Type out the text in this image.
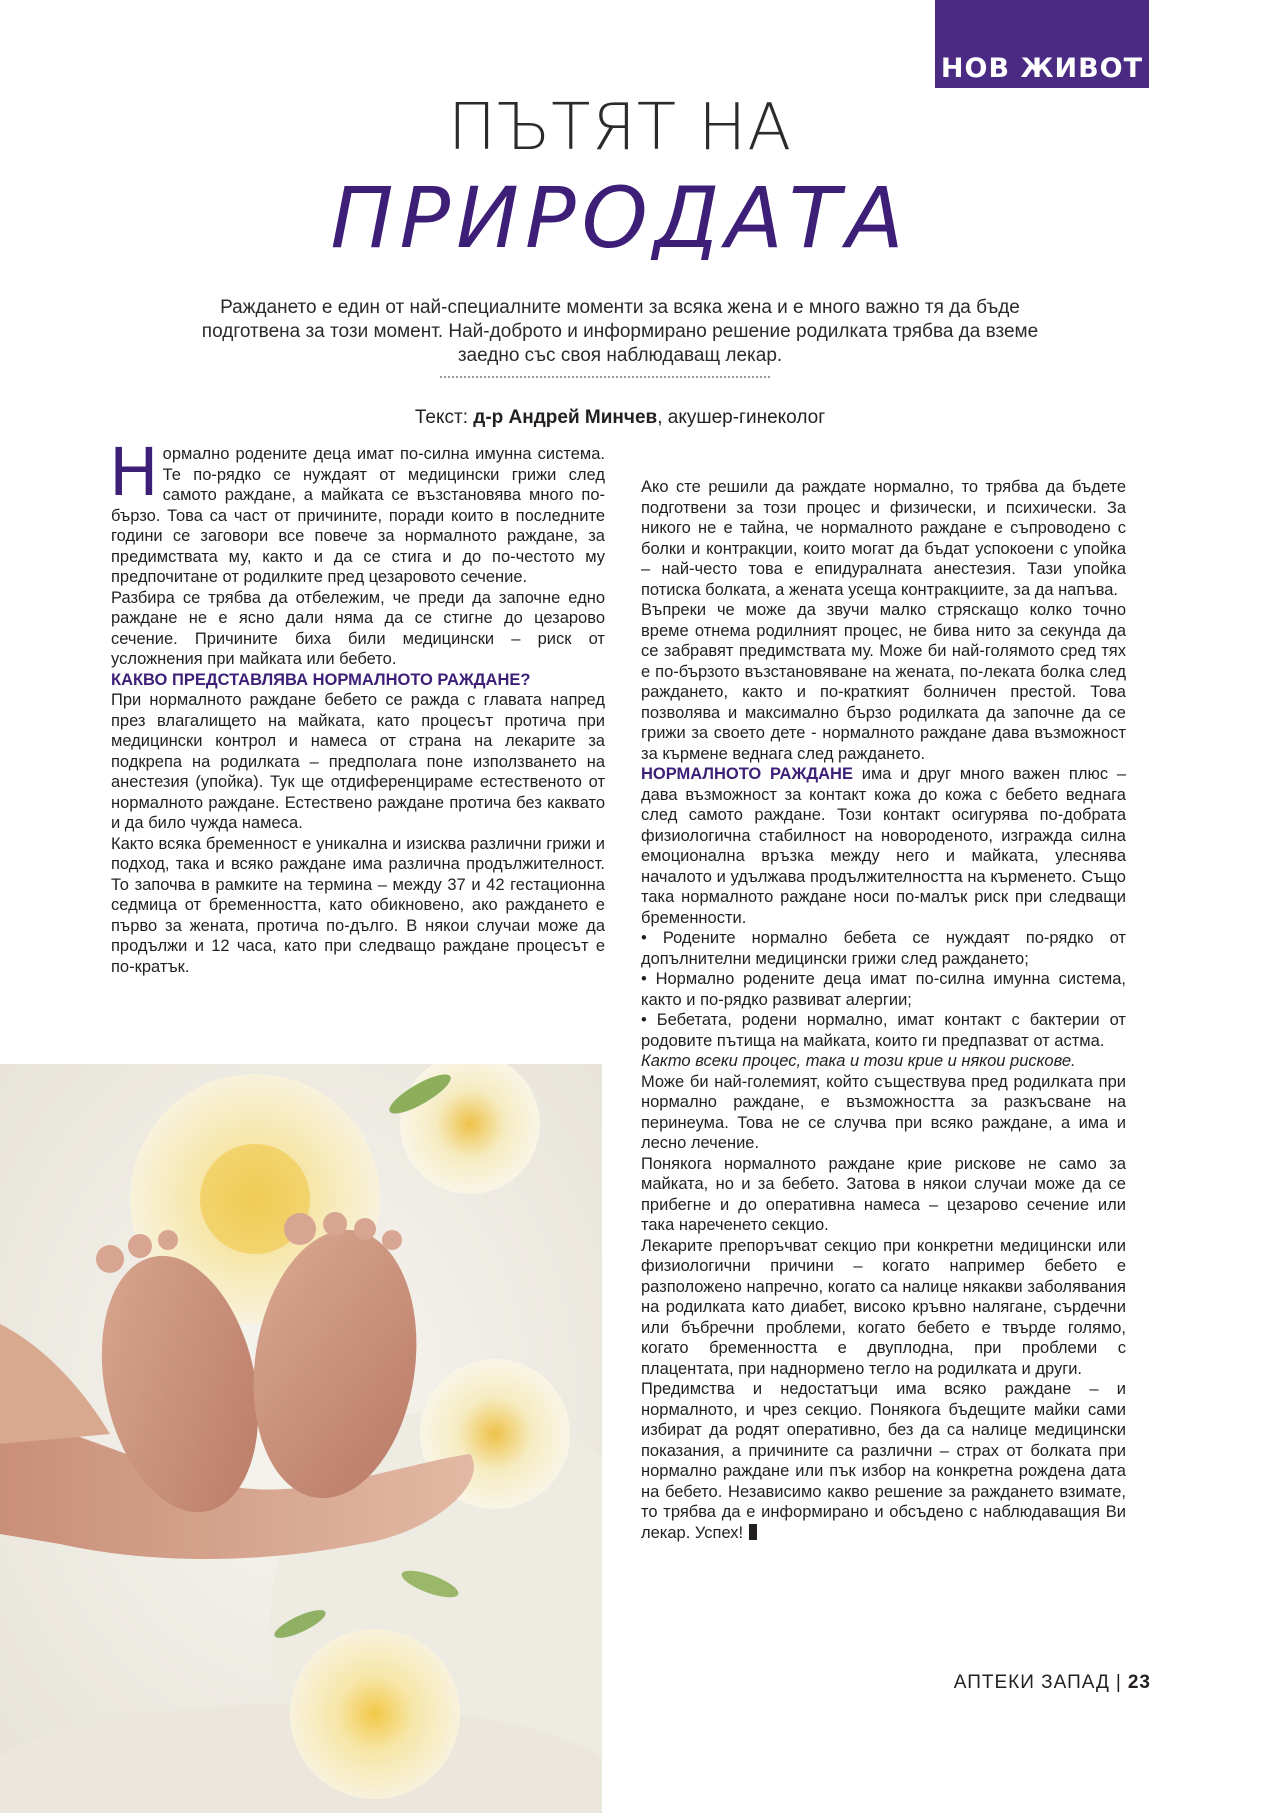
НОВ ЖИВОТ
ПЪТЯТ НА
ПРИРОДАТА
Раждането е един от най-специалните моменти за всяка жена и е много важно тя да бъде подготвена за този момент. Най-доброто и информирано решение родилката трябва да вземе заедно със своя наблюдаващ лекар.
Текст: д-р Андрей Минчев, акушер-гинеколог

Нормално родените деца имат по-силна имунна система. Те по-рядко се нуждаят от медицински грижи след самото раждане, а майката се възстановява много по-бързо. Това са част от причините, поради които в последните години се заговори все повече за нормалното раждане, за предимствата му, както и да се стига и до по-честото му предпочитане от родилките пред цезаровото сечение.

Разбира се трябва да отбележим, че преди да започне едно раждане не е ясно дали няма да се стигне до цезарово сечение. Причините биха били медицински – риск от усложнения при майката или бебето.

КАКВО ПРЕДСТАВЛЯВА НОРМАЛНОТО РАЖДАНЕ?

При нормалното раждане бебето се ражда с главата напред през влагалището на майката, като процесът протича при медицински контрол и намеса от страна на лекарите за подкрепа на родилката – предполага поне използването на анестезия (упойка). Тук ще отдиференцираме естественото от нормалното раждане. Естествено раждане протича без каквато и да било чужда намеса.

Както всяка бременност е уникална и изисква различни грижи и подход, така и всяко раждане има различна продължителност. То започва в рамките на термина – между 37 и 42 гестационна седмица от бременността, като обикновено, ако раждането е първо за жената, протича по-дълго. В някои случаи може да продължи и 12 часа, като при следващо раждане процесът е по-кратък.

Ако сте решили да раждате нормално, то трябва да бъдете подготвени за този процес и физически, и психически. За никого не е тайна, че нормалното раждане е съпроводено с болки и контракции, които могат да бъдат успокоени с упойка – най-често това е епидуралната анестезия. Тази упойка потиска болката, а жената усеща контракциите, за да напъва.

Въпреки че може да звучи малко стряскащо колко точно време отнема родилният процес, не бива нито за секунда да се забравят предимствата му. Може би най-голямото сред тях е по-бързото възстановяване на жената, по-леката болка след раждането, както и по-краткият болничен престой. Това позволява и максимално бързо родилката да започне да се грижи за своето дете - нормалното раждане дава възможност за кърмене веднага след раждането.

НОРМАЛНОТО РАЖДАНЕ има и друг много важен плюс – дава възможност за контакт кожа до кожа с бебето веднага след самото раждане. Този контакт осигурява по-добрата физиологична стабилност на новороденото, изгражда силна емоционална връзка между него и майката, улеснява началото и удължава продължителността на кърменето. Също така нормалното раждане носи по-малък риск при следващи бременности.

• Родените нормално бебета се нуждаят по-рядко от допълнителни медицински грижи след раждането;

• Нормално родените деца имат по-силна имунна система, както и по-рядко развиват алергии;

• Бебетата, родени нормално, имат контакт с бактерии от родовите пътища на майката, които ги предпазват от астма.

Както всеки процес, така и този крие и някои рискове.

Може би най-големият, който съществува пред родилката при нормално раждане, е възможността за разкъсване на перинеума. Това не се случва при всяко раждане, а има и лесно лечение.

Понякога нормалното раждане крие рискове не само за майката, но и за бебето. Затова в някои случаи може да се прибегне и до оперативна намеса – цезарово сечение или така нареченето секцио.

Лекарите препоръчват секцио при конкретни медицински или физиологични причини – когато например бебето е разположено напречно, когато са налице някакви заболявания на родилката като диабет, високо кръвно налягане, сърдечни или бъбречни проблеми, когато бебето е твърде голямо, когато бременността е двуплодна, при проблеми с плацентата, при наднормено тегло на родилката и други.

Предимства и недостатъци има всяко раждане – и нормалното, и чрез секцио. Понякога бъдещите майки сами избират да родят оперативно, без да са налице медицински показания, а причините са различни – страх от болката при нормално раждане или пък избор на конкретна рождена дата на бебето. Независимо какво решение за раждането взимате, то трябва да е информирано и обсъдено с наблюдаващия Ви лекар. Успех!

АПТЕКИ ЗАПАД | 23
